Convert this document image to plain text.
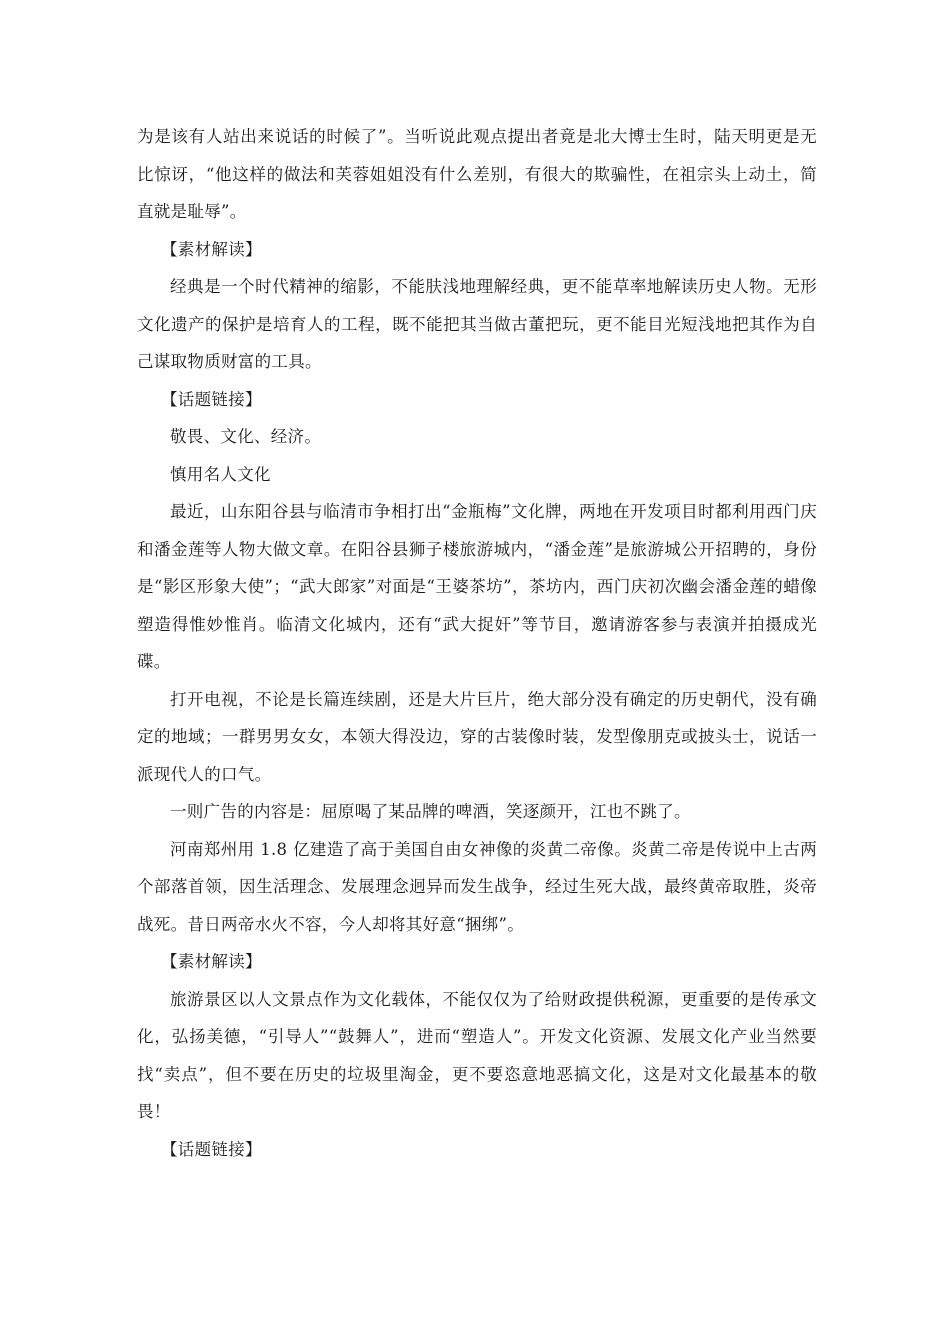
为是该有人站出来说话的时候了”。当听说此观点提出者竟是北大博士生时，陆天明更是无比惊讶，“他这样的做法和芙蓉姐姐没有什么差别，有很大的欺骗性，在祖宗头上动土，简直就是耻辱”。

【素材解读】

经典是一个时代精神的缩影，不能肤浅地理解经典，更不能草率地解读历史人物。无形文化遗产的保护是培育人的工程，既不能把其当做古董把玩，更不能目光短浅地把其作为自己谋取物质财富的工具。

【话题链接】

敬畏、文化、经济。

慎用名人文化

最近，山东阳谷县与临清市争相打出“金瓶梅”文化牌，两地在开发项目时都利用西门庆和潘金莲等人物大做文章。在阳谷县狮子楼旅游城内，“潘金莲”是旅游城公开招聘的，身份是“影区形象大使”；“武大郎家”对面是“王婆茶坊”，茶坊内，西门庆初次幽会潘金莲的蜡像塑造得惟妙惟肖。临清文化城内，还有“武大捉奸”等节目，邀请游客参与表演并拍摄成光碟。

打开电视，不论是长篇连续剧，还是大片巨片，绝大部分没有确定的历史朝代，没有确定的地域；一群男男女女，本领大得没边，穿的古装像时装，发型像朋克或披头士，说话一派现代人的口气。

一则广告的内容是：屈原喝了某品牌的啤酒，笑逐颜开，江也不跳了。

河南郑州用 1.8 亿建造了高于美国自由女神像的炎黄二帝像。炎黄二帝是传说中上古两个部落首领，因生活理念、发展理念迥异而发生战争，经过生死大战，最终黄帝取胜，炎帝战死。昔日两帝水火不容，今人却将其好意“捆绑”。

【素材解读】

旅游景区以人文景点作为文化载体，不能仅仅为了给财政提供税源，更重要的是传承文化，弘扬美德，“引导人”“鼓舞人”，进而“塑造人”。开发文化资源、发展文化产业当然要找“卖点”，但不要在历史的垃圾里淘金，更不要恣意地恶搞文化，这是对文化最基本的敬畏！

【话题链接】
